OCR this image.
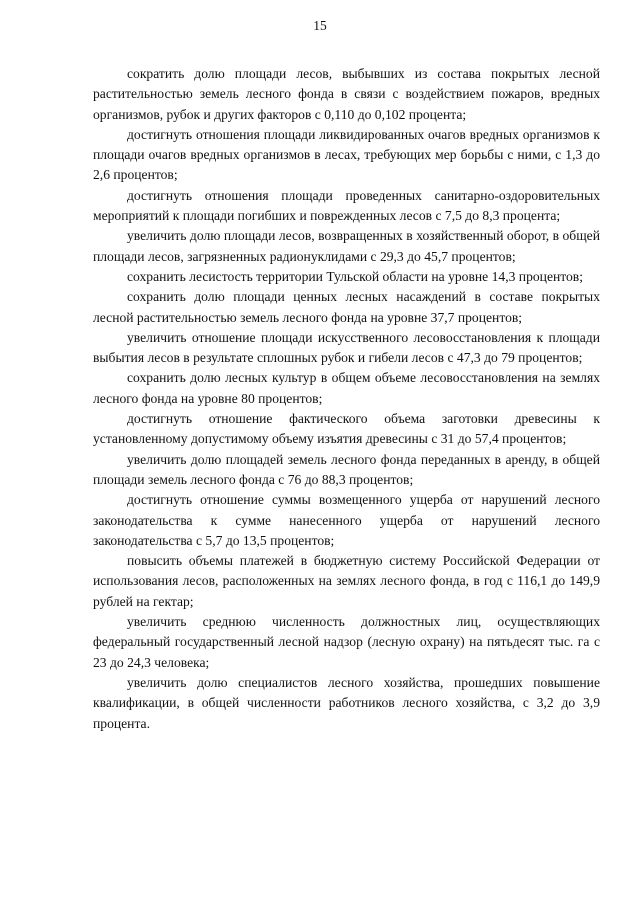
15

сократить долю площади лесов, выбывших из состава покрытых лесной растительностью земель лесного фонда в связи с воздействием пожаров, вредных организмов, рубок и других факторов с 0,110 до 0,102 процента;

достигнуть отношения площади ликвидированных очагов вредных организмов к площади очагов вредных организмов в лесах, требующих мер борьбы с ними, с 1,3 до 2,6 процентов;

достигнуть отношения площади проведенных санитарно-оздоровительных мероприятий к площади погибших и поврежденных лесов с 7,5 до 8,3 процента;

увеличить долю площади лесов, возвращенных в хозяйственный оборот, в общей площади лесов, загрязненных радионуклидами с 29,3 до 45,7 процентов;

сохранить лесистость территории Тульской области на уровне 14,3 процентов;

сохранить долю площади ценных лесных насаждений в составе покрытых лесной растительностью земель лесного фонда на уровне 37,7 процентов;

увеличить отношение площади искусственного лесовосстановления к площади выбытия лесов в результате сплошных рубок и гибели лесов с 47,3 до 79 процентов;

сохранить долю лесных культур в общем объеме лесовосстановления на землях лесного фонда на уровне 80 процентов;

достигнуть отношение фактического объема заготовки древесины к установленному допустимому объему изъятия древесины с 31 до 57,4 процентов;

увеличить долю площадей земель лесного фонда переданных в аренду, в общей площади земель лесного фонда с 76 до 88,3 процентов;

достигнуть отношение суммы возмещенного ущерба от нарушений лесного законодательства к сумме нанесенного ущерба от нарушений лесного законодательства с 5,7 до 13,5 процентов;

повысить объемы платежей в бюджетную систему Российской Федерации от использования лесов, расположенных на землях лесного фонда, в год с 116,1 до 149,9 рублей на гектар;

увеличить среднюю численность должностных лиц, осуществляющих федеральный государственный лесной надзор (лесную охрану) на пятьдесят тыс. га с 23 до 24,3 человека;

увеличить долю специалистов лесного хозяйства, прошедших повышение квалификации, в общей численности работников лесного хозяйства, с 3,2 до 3,9 процента.
